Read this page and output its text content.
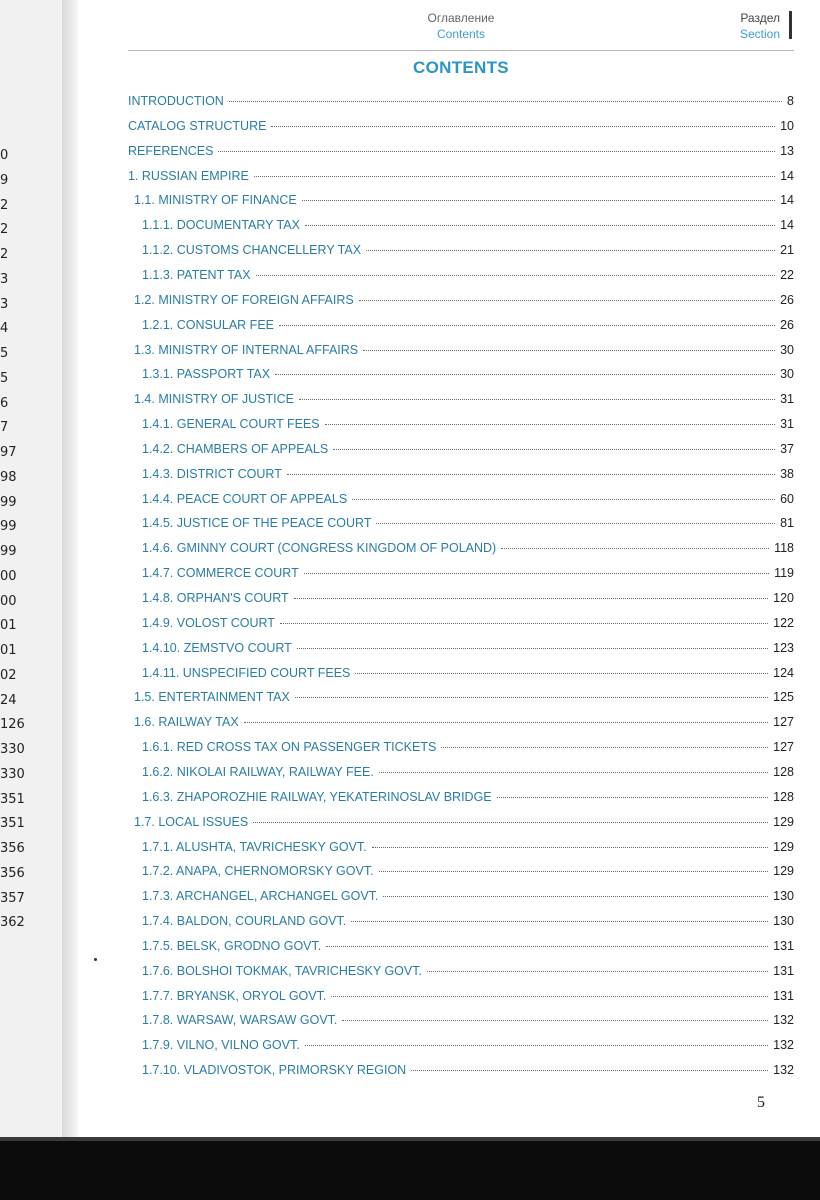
0
9
2
2
2
3
3
4
5
5
6
7
97
98
99
99
99
00
00
01
01
02
24
126
330
330
351
351
356
356
357
362
Оглавление
Contents
Раздел
Section
CONTENTS
INTRODUCTION	8
CATALOG STRUCTURE	10
REFERENCES	13
1. RUSSIAN EMPIRE	14
1.1. MINISTRY OF FINANCE	14
1.1.1. DOCUMENTARY TAX	14
1.1.2. CUSTOMS CHANCELLERY TAX	21
1.1.3. PATENT TAX	22
1.2. MINISTRY OF FOREIGN AFFAIRS	26
1.2.1. CONSULAR FEE	26
1.3. MINISTRY OF INTERNAL AFFAIRS	30
1.3.1. PASSPORT TAX	30
1.4. MINISTRY OF JUSTICE	31
1.4.1. GENERAL COURT FEES	31
1.4.2. CHAMBERS OF APPEALS	37
1.4.3. DISTRICT COURT	38
1.4.4. PEACE COURT OF APPEALS	60
1.4.5. JUSTICE OF THE PEACE COURT	81
1.4.6. GMINNY COURT (CONGRESS KINGDOM OF POLAND)	118
1.4.7. COMMERCE COURT	119
1.4.8. ORPHAN'S COURT	120
1.4.9. VOLOST COURT	122
1.4.10. ZEMSTVO COURT	123
1.4.11. UNSPECIFIED COURT FEES	124
1.5. ENTERTAINMENT TAX	125
1.6. RAILWAY TAX	127
1.6.1. RED CROSS TAX ON PASSENGER TICKETS	127
1.6.2. NIKOLAI RAILWAY, RAILWAY FEE.	128
1.6.3. ZHAPOROZHIE RAILWAY, YEKATERINOSLAV BRIDGE	128
1.7. LOCAL ISSUES	129
1.7.1. ALUSHTA, TAVRICHESKY GOVT.	129
1.7.2. ANAPA, CHERNOMORSKY GOVT.	129
1.7.3. ARCHANGEL, ARCHANGEL GOVT.	130
1.7.4. BALDON, COURLAND GOVT.	130
1.7.5. BELSK, GRODNO GOVT.	131
1.7.6. BOLSHOI TOKMAK, TAVRICHESKY GOVT.	131
1.7.7. BRYANSK, ORYOL GOVT.	131
1.7.8. WARSAW, WARSAW GOVT.	132
1.7.9. VILNO, VILNO GOVT.	132
1.7.10. VLADIVOSTOK, PRIMORSKY REGION	132
5
